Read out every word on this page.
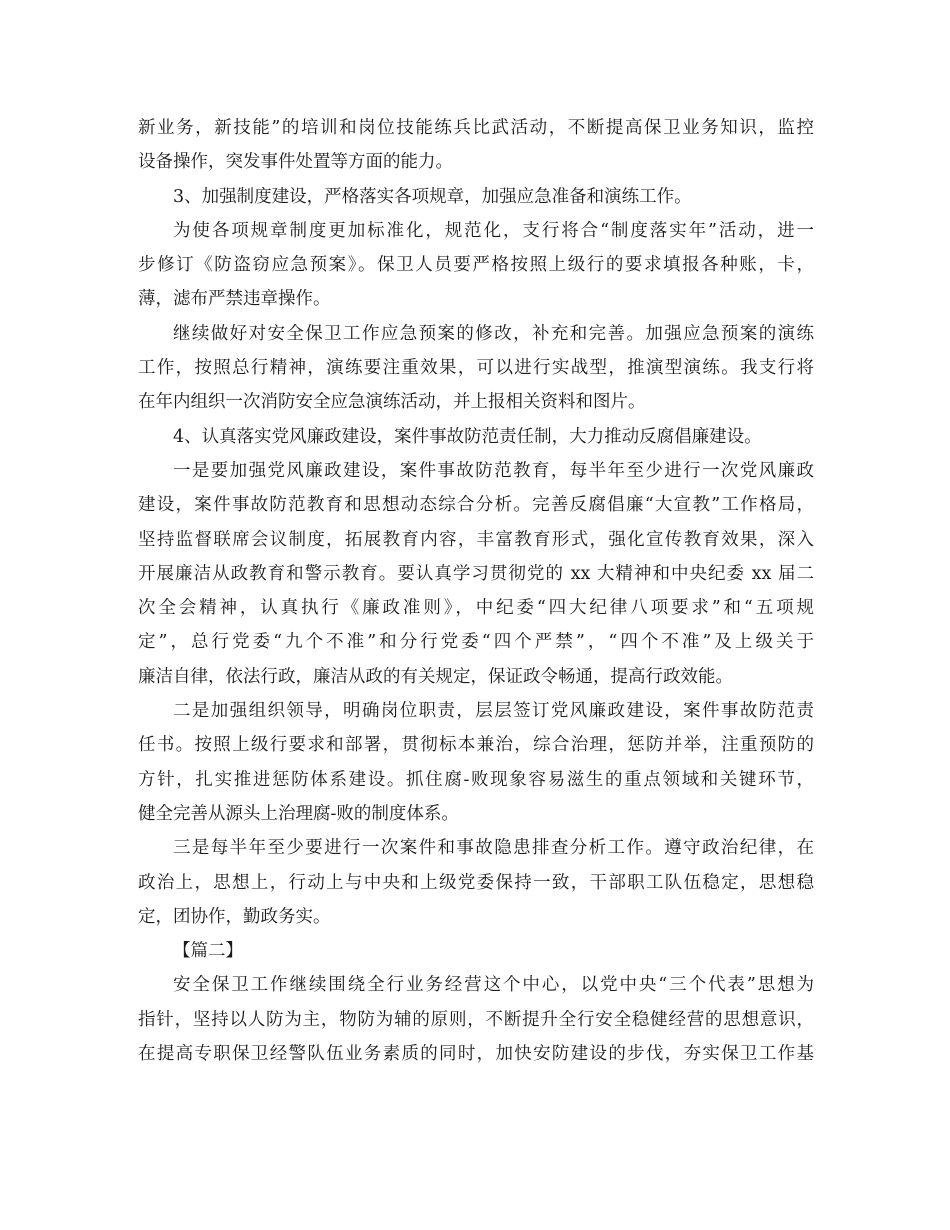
新业务，新技能”的培训和岗位技能练兵比武活动，不断提高保卫业务知识，监控
设备操作，突发事件处置等方面的能力。
3、加强制度建设，严格落实各项规章，加强应急准备和演练工作。
为使各项规章制度更加标准化，规范化，支行将合“制度落实年”活动，进一
步修订《防盗窃应急预案》。保卫人员要严格按照上级行的要求填报各种账，卡，
薄，滤布严禁违章操作。
继续做好对安全保卫工作应急预案的修改，补充和完善。加强应急预案的演练
工作，按照总行精神，演练要注重效果，可以进行实战型，推演型演练。我支行将
在年内组织一次消防安全应急演练活动，并上报相关资料和图片。
4、认真落实党风廉政建设，案件事故防范责任制，大力推动反腐倡廉建设。
一是要加强党风廉政建设，案件事故防范教育，每半年至少进行一次党风廉政
建设，案件事故防范教育和思想动态综合分析。完善反腐倡廉“大宣教”工作格局，
坚持监督联席会议制度，拓展教育内容，丰富教育形式，强化宣传教育效果，深入
开展廉洁从政教育和警示教育。要认真学习贯彻党的 xx 大精神和中央纪委 xx 届二
次全会精神，认真执行《廉政准则》，中纪委“四大纪律八项要求”和“五项规
定”，总行党委“九个不准”和分行党委“四个严禁”，“四个不准”及上级关于
廉洁自律，依法行政，廉洁从政的有关规定，保证政令畅通，提高行政效能。
二是加强组织领导，明确岗位职责，层层签订党风廉政建设，案件事故防范责
任书。按照上级行要求和部署，贯彻标本兼治，综合治理，惩防并举，注重预防的
方针，扎实推进惩防体系建设。抓住腐-败现象容易滋生的重点领域和关键环节，
健全完善从源头上治理腐-败的制度体系。
三是每半年至少要进行一次案件和事故隐患排查分析工作。遵守政治纪律，在
政治上，思想上，行动上与中央和上级党委保持一致，干部职工队伍稳定，思想稳
定，团协作，勤政务实。
【篇二】
安全保卫工作继续围绕全行业务经营这个中心，以党中央“三个代表”思想为
指针，坚持以人防为主，物防为辅的原则，不断提升全行安全稳健经营的思想意识，
在提高专职保卫经警队伍业务素质的同时，加快安防建设的步伐，夯实保卫工作基
